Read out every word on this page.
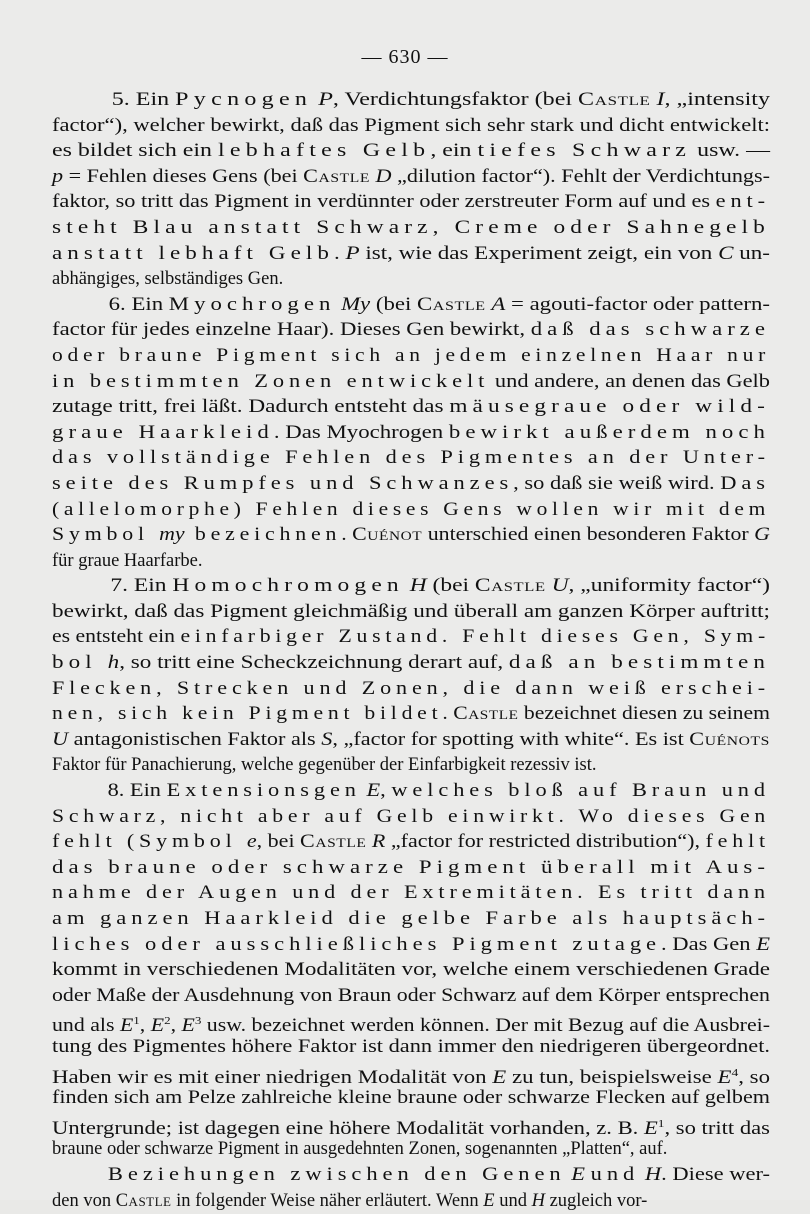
— 630 —
5. Ein Pycnogen P, Verdichtungsfaktor (bei Castle I, „intensity
factor“), welcher bewirkt, daß das Pigment sich sehr stark und dicht entwickelt:
es bildet sich ein lebhaftes Gelb, ein tiefes Schwarz usw. —
p = Fehlen dieses Gens (bei Castle D „dilution factor“). Fehlt der Verdichtungs-
faktor, so tritt das Pigment in verdünnter oder zerstreuter Form auf und es ent-
steht Blau anstatt Schwarz, Creme oder Sahnegelb
anstatt lebhaft Gelb. P ist, wie das Experiment zeigt, ein von C un-
abhängiges, selbständiges Gen.
6. Ein Myochrogen My (bei Castle A = agouti-factor oder pattern-
factor für jedes einzelne Haar). Dieses Gen bewirkt, daß das schwarze
oder braune Pigment sich an jedem einzelnen Haar nur
in bestimmten Zonen entwickelt und andere, an denen das Gelb
zutage tritt, frei läßt. Dadurch entsteht das mäusegraue oder wild-
graue Haarkleid. Das Myochrogen bewirkt außerdem noch
das vollständige Fehlen des Pigmentes an der Unter-
seite des Rumpfes und Schwanzes, so daß sie weiß wird. Das
(allelomorphe) Fehlen dieses Gens wollen wir mit dem
Symbol my bezeichnen. Cuénot unterschied einen besonderen Faktor G
für graue Haarfarbe.
7. Ein Homochromogen H (bei Castle U, „uniformity factor“)
bewirkt, daß das Pigment gleichmäßig und überall am ganzen Körper auftritt;
es entsteht ein einfarbiger Zustand. Fehlt dieses Gen, Sym-
bol h, so tritt eine Scheckzeichnung derart auf, daß an bestimmten
Flecken, Strecken und Zonen, die dann weiß erschei-
nen, sich kein Pigment bildet. Castle bezeichnet diesen zu seinem
U antagonistischen Faktor als S, „factor for spotting with white“. Es ist Cuénots
Faktor für Panachierung, welche gegenüber der Einfarbigkeit rezessiv ist.
8. Ein Extensionsgen E, welches bloß auf Braun und
Schwarz, nicht aber auf Gelb einwirkt. Wo dieses Gen
fehlt (Symbol e, bei Castle R „factor for restricted distribution“), fehlt
das braune oder schwarze Pigment überall mit Aus-
nahme der Augen und der Extremitäten. Es tritt dann
am ganzen Haarkleid die gelbe Farbe als hauptsäch-
liches oder ausschließliches Pigment zutage. Das Gen E
kommt in verschiedenen Modalitäten vor, welche einem verschiedenen Grade
oder Maße der Ausdehnung von Braun oder Schwarz auf dem Körper entsprechen
und als $E^1$, $E^2$, $E^3$ usw. bezeichnet werden können. Der mit Bezug auf die Ausbrei-
tung des Pigmentes höhere Faktor ist dann immer den niedrigeren übergeordnet.
Haben wir es mit einer niedrigen Modalität von E zu tun, beispielsweise $E^4$, so
finden sich am Pelze zahlreiche kleine braune oder schwarze Flecken auf gelbem
Untergrunde; ist dagegen eine höhere Modalität vorhanden, z. B. $E^1$, so tritt das
braune oder schwarze Pigment in ausgedehnten Zonen, sogenannten „Platten“, auf.
Beziehungen zwischen den Genen E und H. Diese wer-
den von Castle in folgender Weise näher erläutert. Wenn E und H zugleich vor-
